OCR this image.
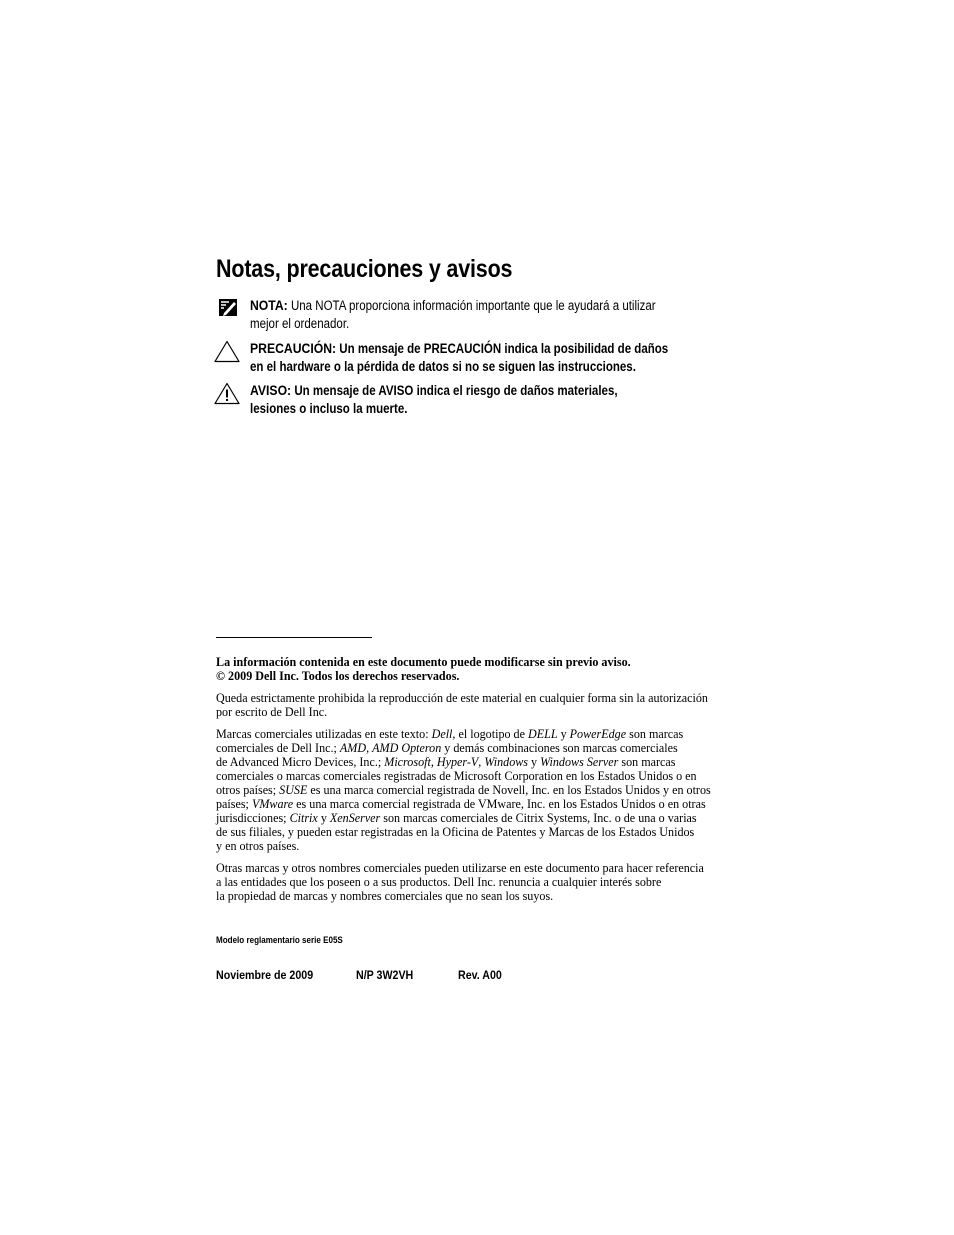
Notas, precauciones y avisos
NOTA: Una NOTA proporciona información importante que le ayudará a utilizar
mejor el ordenador.
PRECAUCIÓN: Un mensaje de PRECAUCIÓN indica la posibilidad de daños
en el hardware o la pérdida de datos si no se siguen las instrucciones.
AVISO: Un mensaje de AVISO indica el riesgo de daños materiales,
lesiones o incluso la muerte.
La información contenida en este documento puede modificarse sin previo aviso.
© 2009 Dell Inc. Todos los derechos reservados.
Queda estrictamente prohibida la reproducción de este material en cualquier forma sin la autorización
por escrito de Dell Inc.
Marcas comerciales utilizadas en este texto: Dell, el logotipo de DELL y PowerEdge son marcas
comerciales de Dell Inc.; AMD, AMD Opteron y demás combinaciones son marcas comerciales
de Advanced Micro Devices, Inc.; Microsoft, Hyper-V, Windows y Windows Server son marcas
comerciales o marcas comerciales registradas de Microsoft Corporation en los Estados Unidos o en
otros países; SUSE es una marca comercial registrada de Novell, Inc. en los Estados Unidos y en otros
países; VMware es una marca comercial registrada de VMware, Inc. en los Estados Unidos o en otras
jurisdicciones; Citrix y XenServer son marcas comerciales de Citrix Systems, Inc. o de una o varias
de sus filiales, y pueden estar registradas en la Oficina de Patentes y Marcas de los Estados Unidos
y en otros países.
Otras marcas y otros nombres comerciales pueden utilizarse en este documento para hacer referencia
a las entidades que los poseen o a sus productos. Dell Inc. renuncia a cualquier interés sobre
la propiedad de marcas y nombres comerciales que no sean los suyos.
Modelo reglamentario serie E05S
Noviembre de 2009	N/P 3W2VH	Rev. A00
